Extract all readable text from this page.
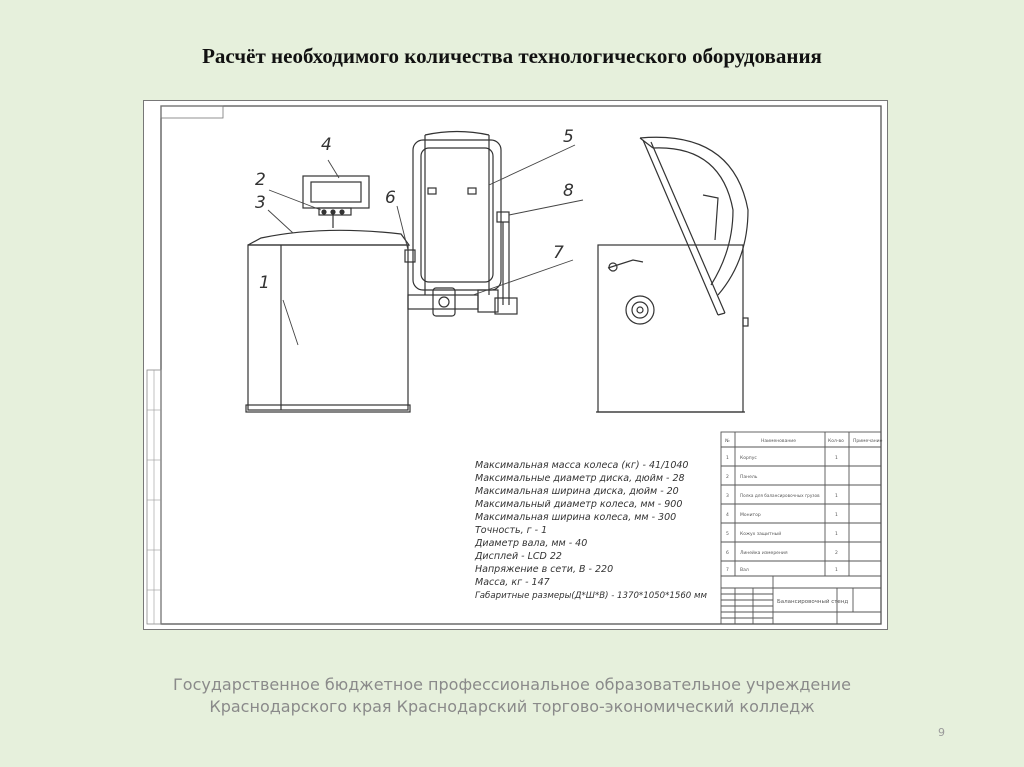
Расчёт необходимого количества технологического оборудования
1
2
3
4	5
6
7
8
Максимальная масса колеса (кг) - 41/1040
Максимальные диаметр диска, дюйм - 28
Максимальная ширина диска, дюйм - 20
Максимальный диаметр колеса, мм - 900
Максимальная ширина колеса, мм - 300
Точность, г - 1
Диаметр вала, мм - 40
Дисплей - LCD 22
Напряжение в сети, В - 220
Масса, кг - 147
Габаритные размеры(Д*Ш*В) - 1370*1050*1560 мм
№	Наименование	Кол-во Примечание
1 Корпус	1
2 Панель
3	Полка для балансировочных грузов	1
4 Монитор	1
5 Кожух защитный	1
6 Линейка измерения	2
7 Вал	1
Балансировочный стенд
Государственное бюджетное профессиональное образовательное учреждение
Краснодарского края Краснодарский торгово-экономический колледж
9
